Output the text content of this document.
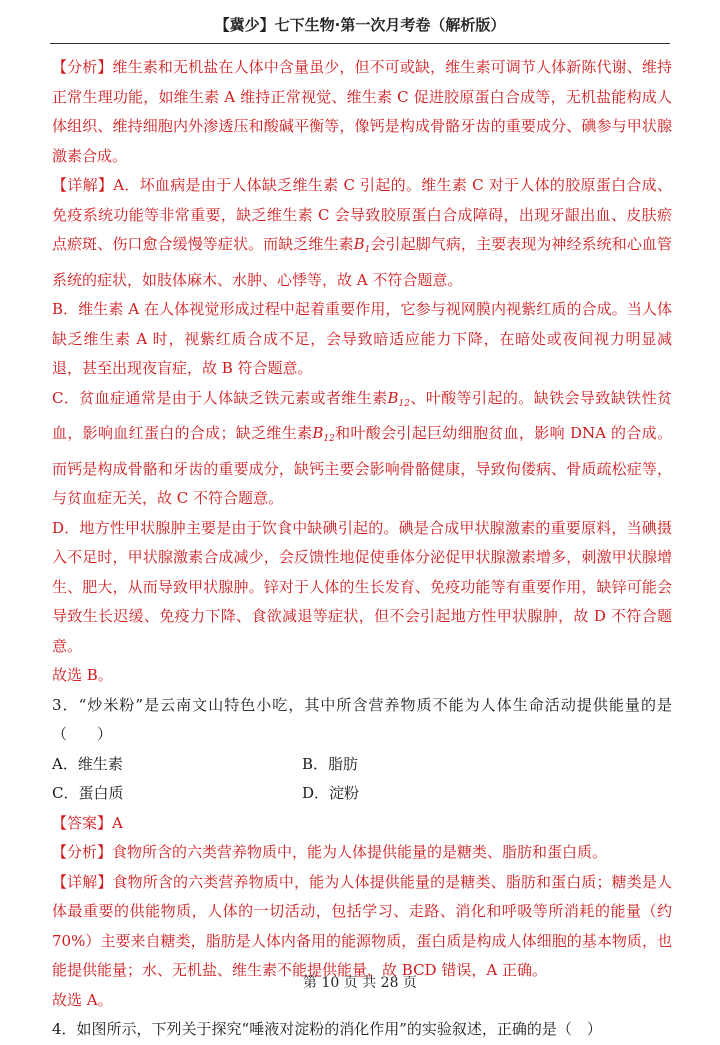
【冀少】七下生物·第一次月考卷（解析版）

【分析】维生素和无机盐在人体中含量虽少，但不可或缺，维生素可调节人体新陈代谢、维持正常生理功能，如维生素 A 维持正常视觉、维生素 C 促进胶原蛋白合成等，无机盐能构成人体组织、维持细胞内外渗透压和酸碱平衡等，像钙是构成骨骼牙齿的重要成分、碘参与甲状腺激素合成。

【详解】A．坏血病是由于人体缺乏维生素 C 引起的。维生素 C 对于人体的胶原蛋白合成、免疫系统功能等非常重要，缺乏维生素 C 会导致胶原蛋白合成障碍，出现牙龈出血、皮肤瘀点瘀斑、伤口愈合缓慢等症状。而缺乏维生素$B_1$会引起脚气病，主要表现为神经系统和心血管系统的症状，如肢体麻木、水肿、心悸等，故 A 不符合题意。

B．维生素 A 在人体视觉形成过程中起着重要作用，它参与视网膜内视紫红质的合成。当人体缺乏维生素 A 时，视紫红质合成不足，会导致暗适应能力下降，在暗处或夜间视力明显减退，甚至出现夜盲症，故 B 符合题意。

C．贫血症通常是由于人体缺乏铁元素或者维生素$B_{12}$、叶酸等引起的。缺铁会导致缺铁性贫血，影响血红蛋白的合成；缺乏维生素$B_{12}$和叶酸会引起巨幼细胞贫血，影响 DNA 的合成。而钙是构成骨骼和牙齿的重要成分，缺钙主要会影响骨骼健康，导致佝偻病、骨质疏松症等，与贫血症无关，故 C 不符合题意。

D．地方性甲状腺肿主要是由于饮食中缺碘引起的。碘是合成甲状腺激素的重要原料，当碘摄入不足时，甲状腺激素合成减少，会反馈性地促使垂体分泌促甲状腺激素增多，刺激甲状腺增生、肥大，从而导致甲状腺肿。锌对于人体的生长发育、免疫功能等有重要作用，缺锌可能会导致生长迟缓、免疫力下降、食欲减退等症状，但不会引起地方性甲状腺肿，故 D 不符合题意。

故选 B。

3．“炒米粉”是云南文山特色小吃，其中所含营养物质不能为人体生命活动提供能量的是（　　）

A．维生素	B．脂肪
C．蛋白质	D．淀粉

【答案】A

【分析】食物所含的六类营养物质中，能为人体提供能量的是糖类、脂肪和蛋白质。

【详解】食物所含的六类营养物质中，能为人体提供能量的是糖类、脂肪和蛋白质；糖类是人体最重要的供能物质，人体的一切活动，包括学习、走路、消化和呼吸等所消耗的能量（约 70%）主要来自糖类，脂肪是人体内备用的能源物质，蛋白质是构成人体细胞的基本物质，也能提供能量；水、无机盐、维生素不能提供能量，故 BCD 错误，A 正确。

故选 A。

4．如图所示，下列关于探究“唾液对淀粉的消化作用”的实验叙述，正确的是（　）

第 10 页 共 28 页
